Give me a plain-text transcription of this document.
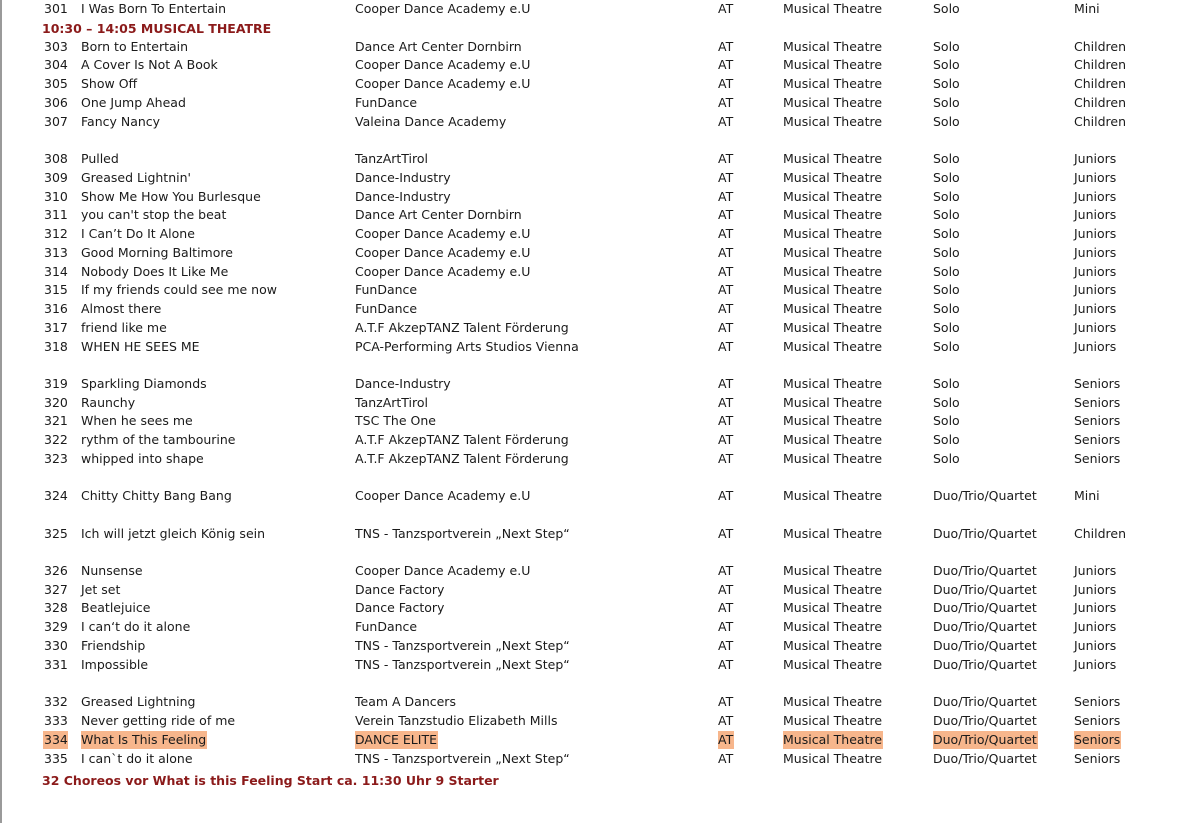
10:30 – 14:05 MUSICAL THEATRE
301 I Was Born To Entertain	Cooper Dance Academy e.U	AT	Musical Theatre	Solo	Mini
303 Born to Entertain	Dance Art Center Dornbirn	AT	Musical Theatre	Solo	Children
304 A Cover Is Not A Book	Cooper Dance Academy e.U	AT	Musical Theatre	Solo	Children
305 Show Off	Cooper Dance Academy e.U	AT	Musical Theatre	Solo	Children
306 One Jump Ahead	FunDance	AT	Musical Theatre	Solo	Children
307 Fancy Nancy	Valeina Dance Academy	AT	Musical Theatre	Solo	Children
308 Pulled	TanzArtTirol	AT	Musical Theatre	Solo	Juniors
309 Greased Lightnin'	Dance-Industry	AT	Musical Theatre	Solo	Juniors
310 Show Me How You Burlesque	Dance-Industry	AT	Musical Theatre	Solo	Juniors
311 you can't stop the beat	Dance Art Center Dornbirn	AT	Musical Theatre	Solo	Juniors
312 I Can’t Do It Alone	Cooper Dance Academy e.U	AT	Musical Theatre	Solo	Juniors
313 Good Morning Baltimore	Cooper Dance Academy e.U	AT	Musical Theatre	Solo	Juniors
314 Nobody Does It Like Me	Cooper Dance Academy e.U	AT	Musical Theatre	Solo	Juniors
315 If my friends could see me now	FunDance	AT	Musical Theatre	Solo	Juniors
316 Almost there	FunDance	AT	Musical Theatre	Solo	Juniors
317 friend like me	A.T.F AkzepTANZ Talent Förderung	AT	Musical Theatre	Solo	Juniors
318 WHEN HE SEES ME	PCA-Performing Arts Studios Vienna	AT	Musical Theatre	Solo	Juniors
319 Sparkling Diamonds	Dance-Industry	AT	Musical Theatre	Solo	Seniors
320 Raunchy	TanzArtTirol	AT	Musical Theatre	Solo	Seniors
321 When he sees me	TSC The One	AT	Musical Theatre	Solo	Seniors
322 rythm of the tambourine	A.T.F AkzepTANZ Talent Förderung	AT	Musical Theatre	Solo	Seniors
323 whipped into shape	A.T.F AkzepTANZ Talent Förderung	AT	Musical Theatre	Solo	Seniors
324 Chitty Chitty Bang Bang	Cooper Dance Academy e.U	AT	Musical Theatre	Duo/Trio/Quartet	Mini
325 Ich will jetzt gleich König sein	TNS - Tanzsportverein „Next Step“	AT	Musical Theatre	Duo/Trio/Quartet	Children
326 Nunsense	Cooper Dance Academy e.U	AT	Musical Theatre	Duo/Trio/Quartet	Juniors
327 Jet set	Dance Factory	AT	Musical Theatre	Duo/Trio/Quartet	Juniors
328 Beatlejuice	Dance Factory	AT	Musical Theatre	Duo/Trio/Quartet	Juniors
329 I can‘t do it alone	FunDance	AT	Musical Theatre	Duo/Trio/Quartet	Juniors
330 Friendship	TNS - Tanzsportverein „Next Step“	AT	Musical Theatre	Duo/Trio/Quartet	Juniors
331 Impossible	TNS - Tanzsportverein „Next Step“	AT	Musical Theatre	Duo/Trio/Quartet	Juniors
332 Greased Lightning	Team A Dancers	AT	Musical Theatre	Duo/Trio/Quartet	Seniors
333 Never getting ride of me	Verein Tanzstudio Elizabeth Mills	AT	Musical Theatre	Duo/Trio/Quartet	Seniors
334 What Is This Feeling	DANCE ELITE	AT	Musical Theatre	Duo/Trio/Quartet	Seniors
335 I can`t do it alone	TNS - Tanzsportverein „Next Step“	AT	Musical Theatre	Duo/Trio/Quartet	Seniors
32 Choreos vor What is this Feeling Start ca. 11:30 Uhr 9 Starter
